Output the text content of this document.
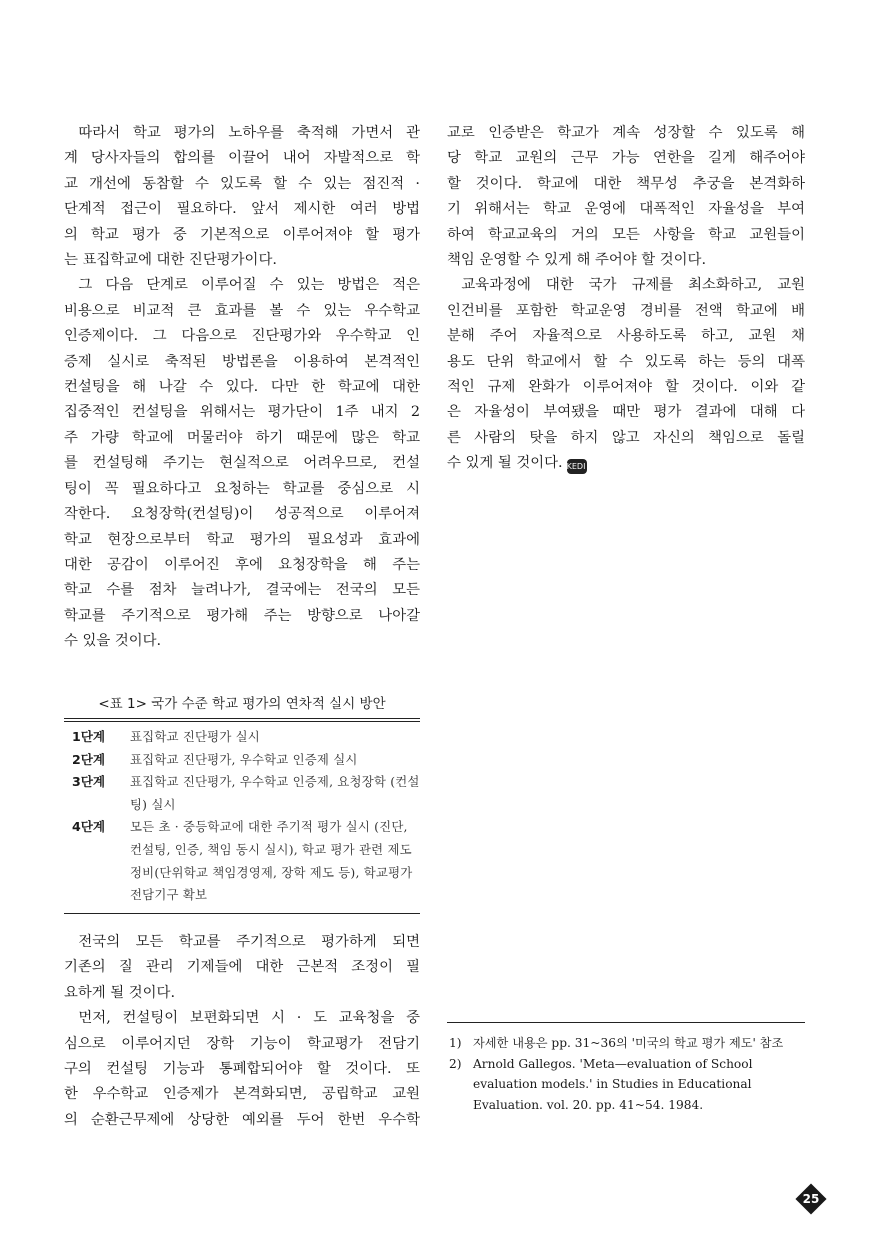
따라서 학교 평가의 노하우를 축적해 가면서 관
계 당사자들의 합의를 이끌어 내어 자발적으로 학
교 개선에 동참할 수 있도록 할 수 있는 점진적 ·
단계적 접근이 필요하다. 앞서 제시한 여러 방법
의 학교 평가 중 기본적으로 이루어져야 할 평가
는 표집학교에 대한 진단평가이다.

그 다음 단계로 이루어질 수 있는 방법은 적은
비용으로 비교적 큰 효과를 볼 수 있는 우수학교
인증제이다. 그 다음으로 진단평가와 우수학교 인
증제 실시로 축적된 방법론을 이용하여 본격적인
컨설팅을 해 나갈 수 있다. 다만 한 학교에 대한
집중적인 컨설팅을 위해서는 평가단이 1주 내지 2
주 가량 학교에 머물러야 하기 때문에 많은 학교
를 컨설팅해 주기는 현실적으로 어려우므로, 컨설
팅이 꼭 필요하다고 요청하는 학교를 중심으로 시
작한다. 요청장학(컨설팅)이 성공적으로 이루어져
학교 현장으로부터 학교 평가의 필요성과 효과에
대한 공감이 이루어진 후에 요청장학을 해 주는
학교 수를 점차 늘려나가, 결국에는 전국의 모든
학교를 주기적으로 평가해 주는 방향으로 나아갈
수 있을 것이다.

<표 1> 국가 수준 학교 평가의 연차적 실시 방안

1단계	표집학교 진단평가 실시
2단계	표집학교 진단평가, 우수학교 인증제 실시
3단계	표집학교 진단평가, 우수학교 인증제, 요청장학 (컨설팅) 실시
4단계	모든 초 · 중등학교에 대한 주기적 평가 실시 (진단, 컨설팅, 인증, 책임 동시 실시), 학교 평가 관련 제도 정비(단위학교 책임경영제, 장학 제도 등), 학교평가 전담기구 확보

전국의 모든 학교를 주기적으로 평가하게 되면
기존의 질 관리 기제들에 대한 근본적 조정이 필
요하게 될 것이다.

먼저, 컨설팅이 보편화되면 시 · 도 교육청을 중
심으로 이루어지던 장학 기능이 학교평가 전담기
구의 컨설팅 기능과 통폐합되어야 할 것이다. 또
한 우수학교 인증제가 본격화되면, 공립학교 교원
의 순환근무제에 상당한 예외를 두어 한번 우수학

교로 인증받은 학교가 계속 성장할 수 있도록 해
당 학교 교원의 근무 가능 연한을 길게 해주어야
할 것이다. 학교에 대한 책무성 추궁을 본격화하
기 위해서는 학교 운영에 대폭적인 자율성을 부여
하여 학교교육의 거의 모든 사항을 학교 교원들이
책임 운영할 수 있게 해 주어야 할 것이다.

교육과정에 대한 국가 규제를 최소화하고, 교원
인건비를 포함한 학교운영 경비를 전액 학교에 배
분해 주어 자율적으로 사용하도록 하고, 교원 채
용도 단위 학교에서 할 수 있도록 하는 등의 대폭
적인 규제 완화가 이루어져야 할 것이다. 이와 같
은 자율성이 부여됐을 때만 평가 결과에 대해 다
른 사람의 탓을 하지 않고 자신의 책임으로 돌릴
수 있게 될 것이다. KEDI

1) 자세한 내용은 pp. 31~36의 '미국의 학교 평가 제도' 참조

2) Arnold Gallegos. 'Meta—evaluation of School evaluation models.' in Studies in Educational Evaluation. vol. 20. pp. 41~54. 1984.

25
